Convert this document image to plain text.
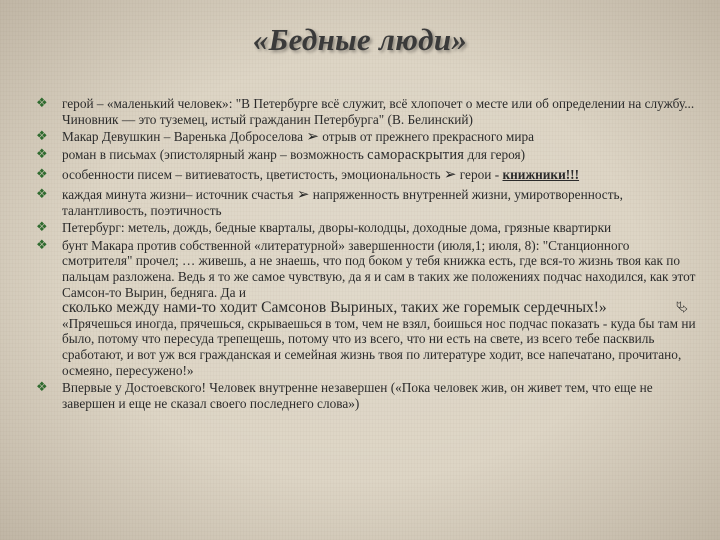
«Бедные люди»
❖ герой – «маленький человек»: "В Петербурге всё служит, всё хлопочет о месте или об определении на службу... Чиновник — это туземец, истый гражданин Петербурга" (В. Белинский)
❖ Макар Девушкин – Варенька Доброселова ➢ отрыв от прежнего прекрасного мира
❖ роман в письмах (эпистолярный жанр – возможность самораскрытия для героя)
❖ особенности писем – витиеватость, цветистость, эмоциональность ➢ герои - книжники!!!
❖ каждая минута жизни– источник счастья ➢ напряженность внутренней жизни, умиротворенность, талантливость, поэтичность
❖ Петербург: метель, дождь, бедные кварталы, дворы-колодцы, доходные дома, грязные квартирки
❖ бунт Макара против собственной «литературной» завершенности (июля,1; июля, 8): "Станционного смотрителя" прочел; … живешь, а не знаешь, что под боком у тебя книжка есть, где вся-то жизнь твоя как по пальцам разложена. Ведь я то же самое чувствую, да я и сам в таких же положениях подчас находился, как этот Самсон-то Вырин, бедняга. Да и
сколько между нами-то ходит Самсонов Выриных, таких же горемык сердечных!»	⮱
«Прячешься иногда, прячешься, скрываешься в том, чем не взял, боишься нос подчас показать - куда бы там ни было, потому что пересуда трепещешь, потому что из всего, что ни есть на свете, из всего тебе пасквиль сработают, и вот уж вся гражданская и семейная жизнь твоя по литературе ходит, все напечатано, прочитано, осмеяно, пересужено!»
❖ Впервые у Достоевского! Человек внутренне незавершен («Пока человек жив, он живет тем, что еще не завершен и еще не сказал своего последнего слова»)
